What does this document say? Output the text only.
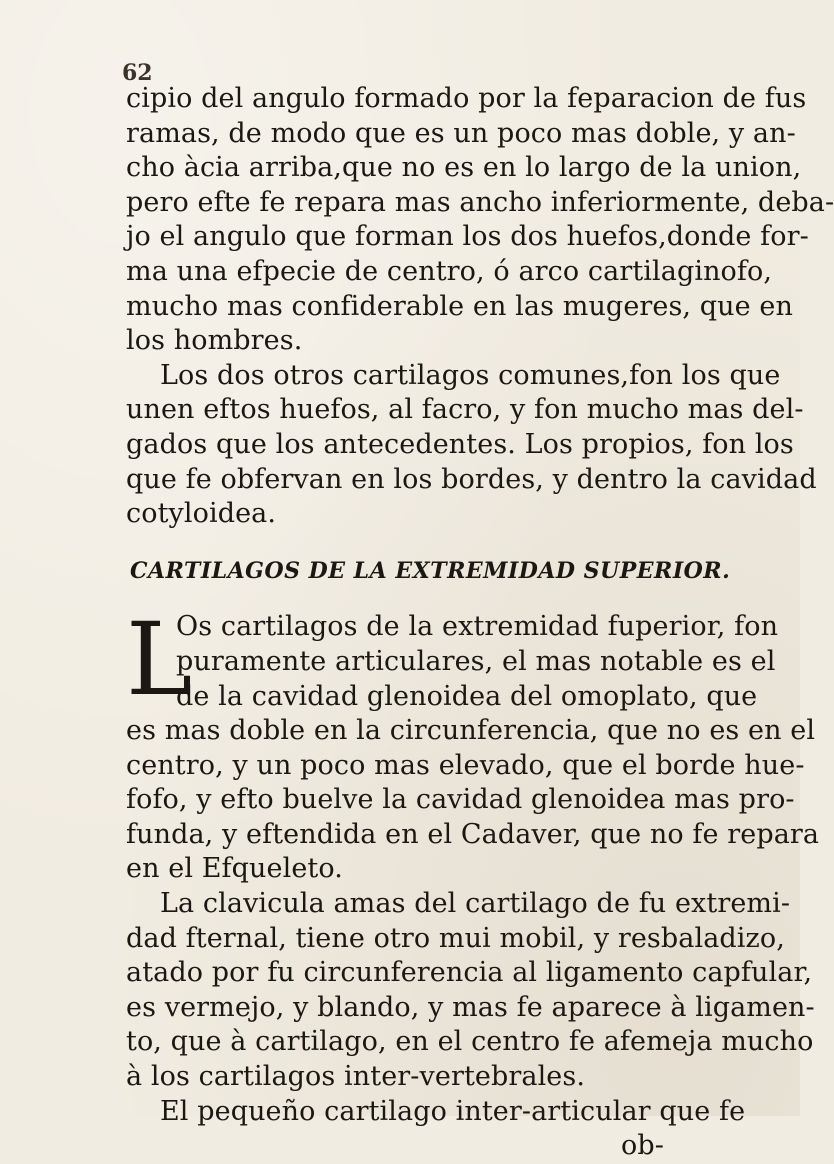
62
cipio del angulo formado por la feparacion de fus
ramas, de modo que es un poco mas doble, y an-
cho àcia arriba,que no es en lo largo de la union,
pero efte fe repara mas ancho inferiormente, deba-
jo el angulo que forman los dos huefos,donde for-
ma una efpecie de centro, ó arco cartilaginofo,
mucho mas confiderable en las mugeres, que en
los hombres.
Los dos otros cartilagos comunes,fon los que
unen eftos huefos, al facro, y fon mucho mas del-
gados que los antecedentes. Los propios, fon los
que fe obfervan en los bordes, y dentro la cavidad
cotyloidea.
CARTILAGOS DE LA EXTREMIDAD SUPERIOR.
L
Os cartilagos de la extremidad fuperior, fon
puramente articulares, el mas notable es el
de la cavidad glenoidea del omoplato, que
es mas doble en la circunferencia, que no es en el
centro, y un poco mas elevado, que el borde hue-
fofo, y efto buelve la cavidad glenoidea mas pro-
funda, y eftendida en el Cadaver, que no fe repara
en el Efqueleto.
La clavicula amas del cartilago de fu extremi-
dad fternal, tiene otro mui mobil, y resbaladizo,
atado por fu circunferencia al ligamento capfular,
es vermejo, y blando, y mas fe aparece à ligamen-
to, que à cartilago, en el centro fe afemeja mucho
à los cartilagos inter-vertebrales.
El pequeño cartilago inter-articular que fe
ob-
